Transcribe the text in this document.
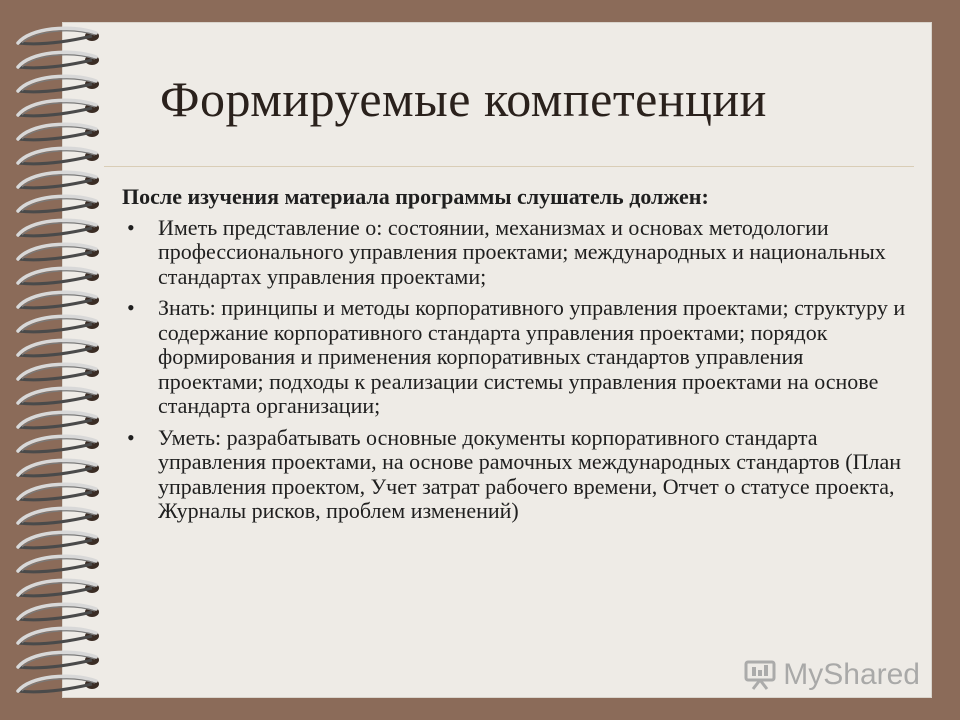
Формируемые компетенции

После изучения материала программы слушатель должен:

• Иметь представление о: состоянии, механизмах и основах методологии профессионального управления проектами; международных и национальных стандартах управления проектами;
• Знать: принципы и методы корпоративного управления проектами; структуру и содержание корпоративного стандарта управления проектами; порядок формирования и применения корпоративных стандартов управления проектами; подходы к реализации системы управления проектами на основе стандарта организации;
• Уметь: разрабатывать основные документы корпоративного стандарта управления проектами, на основе рамочных международных стандартов (План управления проектом, Учет затрат рабочего времени, Отчет о статусе проекта, Журналы рисков, проблем изменений)
MyShared
